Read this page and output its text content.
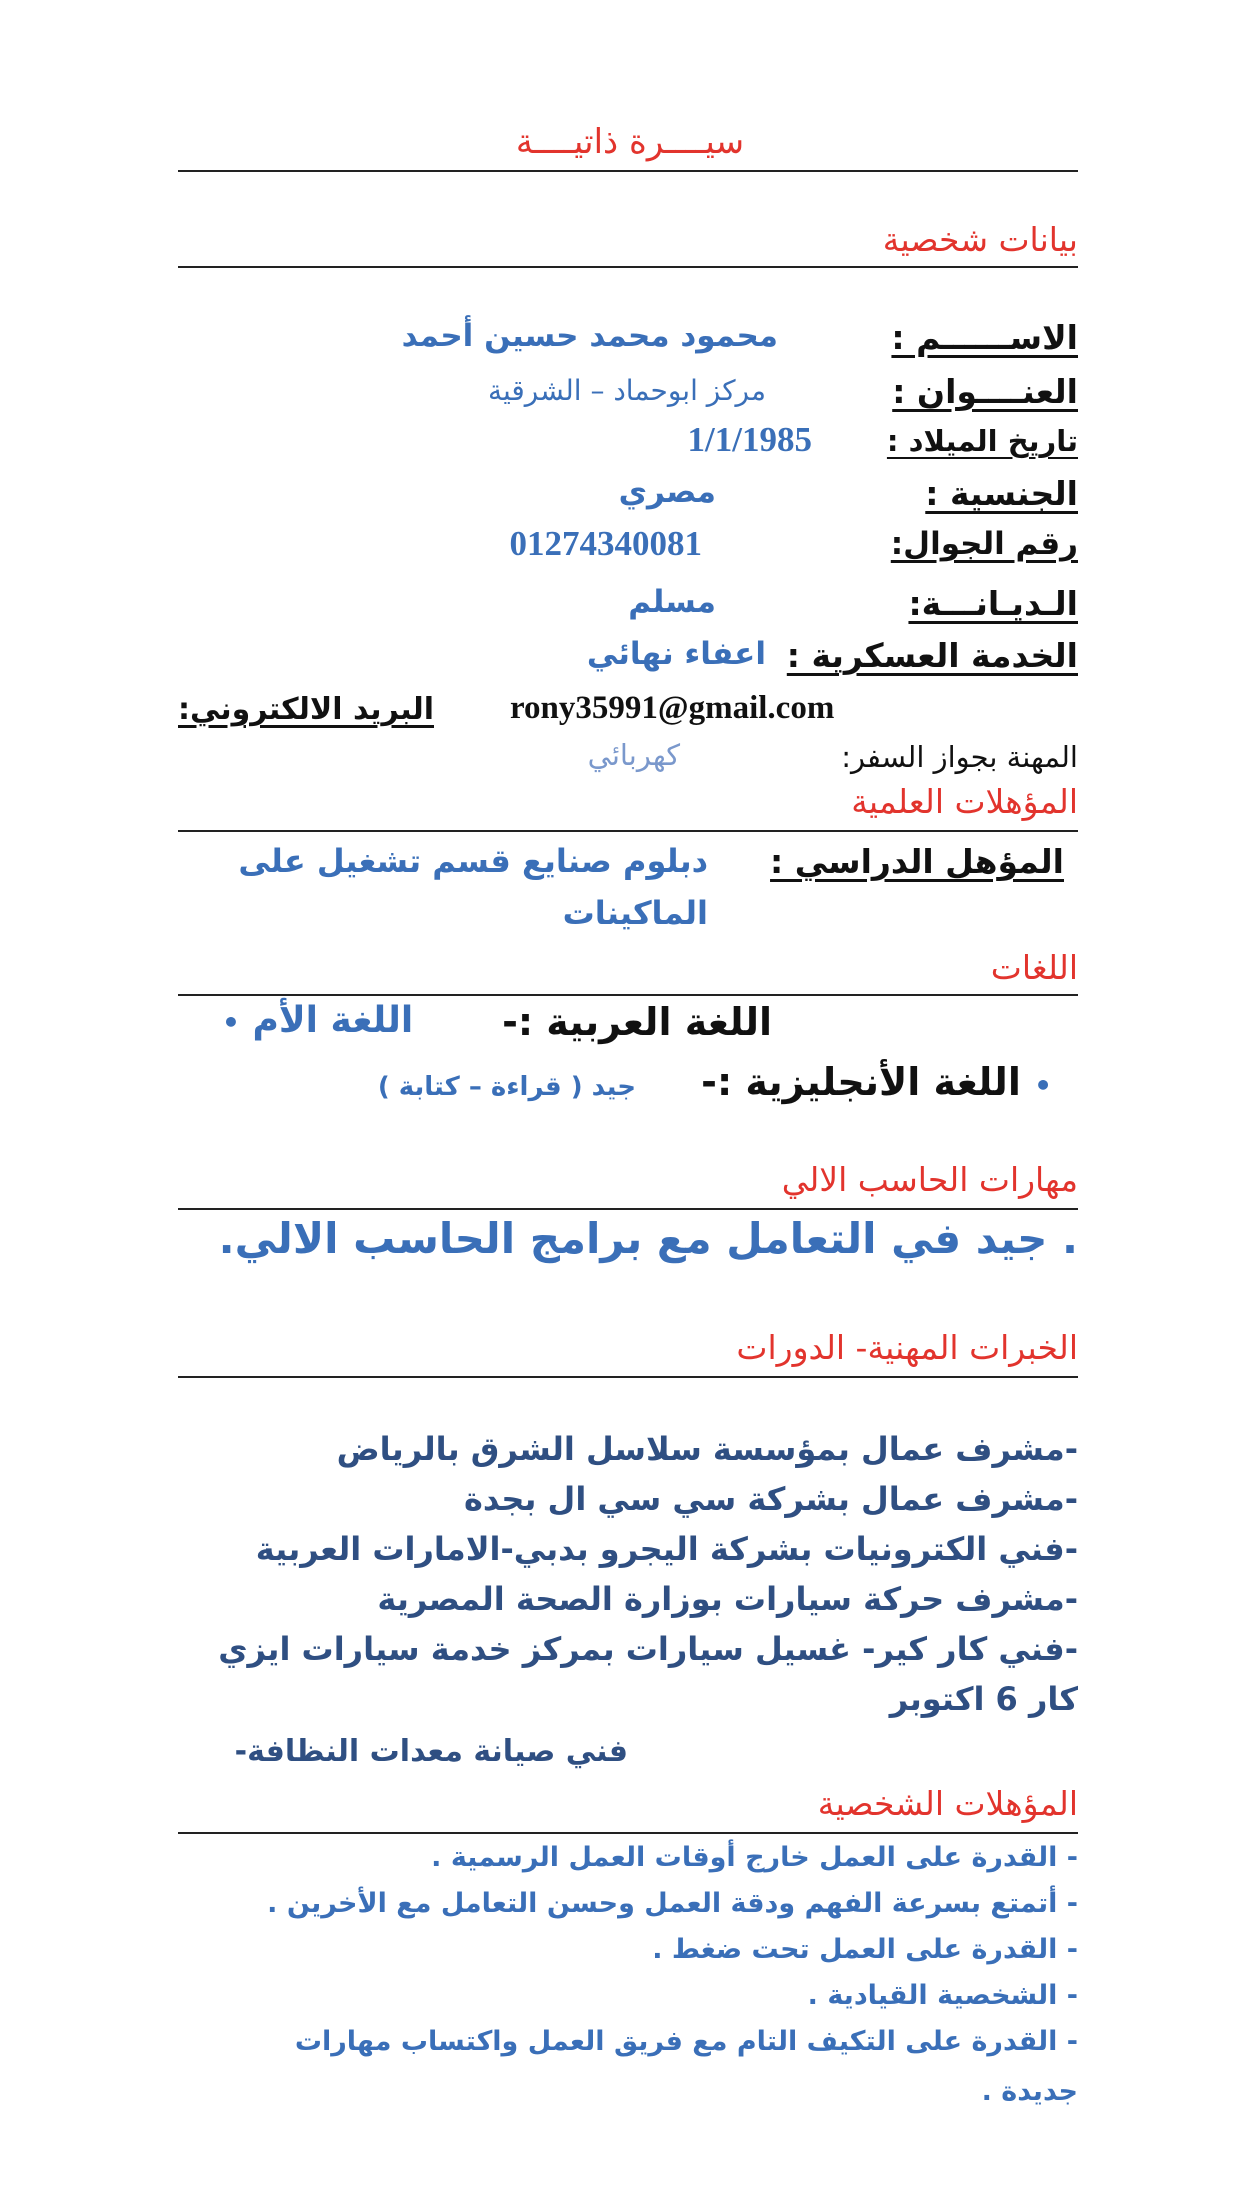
سيــــرة ذاتيــــة
بيانات شخصية
الاســــــم :
محمود محمد حسين أحمد
العنــــوان :
مركز ابوحماد – الشرقية
تاريخ الميلاد :
1/1/1985
الجنسية :
مصري
رقم الجوال:
01274340081
الـديـانـــة:
مسلم
الخدمة العسكرية :
اعفاء نهائي
rony35991@gmail.com
البريد الالكتروني:
المهنة بجواز السفر:
كهربائي
المؤهلات العلمية
المؤهل الدراسي :
دبلوم صنايع قسم تشغيل على
الماكينات
اللغات
اللغة العربية :-
اللغة الأم •
• اللغة الأنجليزية :-
جيد ( قراءة – كتابة )
مهارات الحاسب الالي
. جيد في التعامل مع برامج الحاسب الالي.
الخبرات المهنية- الدورات
-مشرف عمال بمؤسسة سلاسل الشرق بالرياض
-مشرف عمال بشركة سي سي ال بجدة
-فني الكترونيات بشركة اليجرو بدبي-الامارات العربية
-مشرف حركة سيارات بوزارة الصحة المصرية
-فني كار كير- غسيل سيارات بمركز خدمة سيارات ايزي
كار 6 اكتوبر
فني صيانة معدات النظافة-
المؤهلات الشخصية
- القدرة على العمل خارج أوقات العمل الرسمية .
- أتمتع بسرعة الفهم ودقة العمل وحسن التعامل مع الأخرين .
- القدرة على العمل تحت ضغط .
- الشخصية القيادية .
- القدرة على التكيف التام مع فريق العمل واكتساب مهارات
جديدة .
